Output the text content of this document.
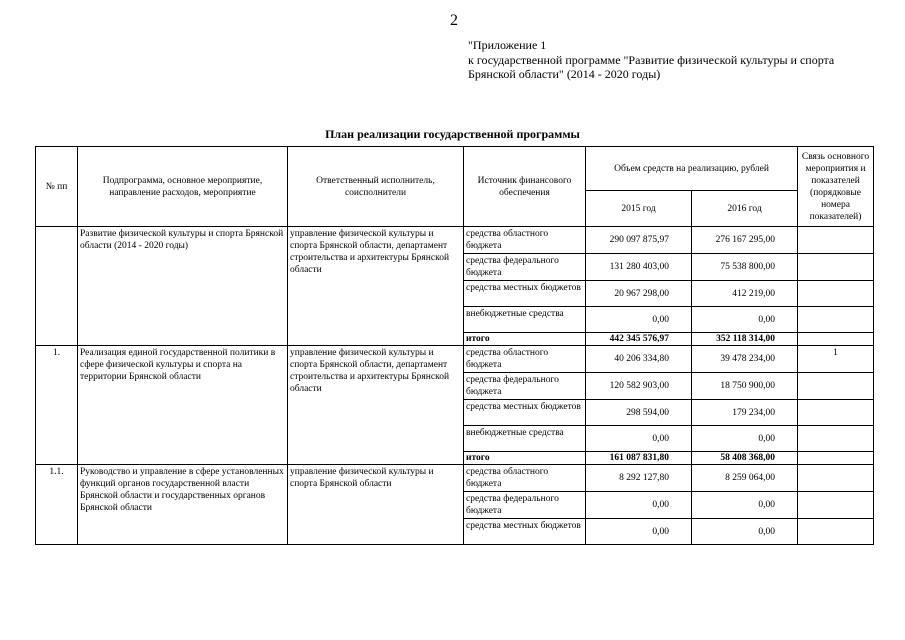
2
"Приложение 1
к государственной программе "Развитие физической культуры и спорта
Брянской области" (2014 - 2020 годы)
План реализации государственной программы
№ пп	Подпрограмма, основное мероприятие, направление расходов, мероприятие	Ответственный исполнитель, соисполнители	Источник финансового обеспечения	Объем средств на реализацию, рублей		Связь основного мероприятия и показателей (порядковые номера показателей)
				2015 год	2016 год	
	Развитие физической культуры и спорта Брянской области (2014 - 2020 годы)	управление физической культуры и спорта Брянской области, департамент строительства и архитектуры Брянской области	средства областного бюджета	290 097 875,97	276 167 295,00	
			средства федерального бюджета	131 280 403,00	75 538 800,00	
			средства местных бюджетов	20 967 298,00	412 219,00	
			внебюджетные средства	0,00	0,00	
			итого	442 345 576,97	352 118 314,00	
1.	Реализация единой государственной политики в сфере физической культуры и спорта на территории Брянской области	управление физической культуры и спорта Брянской области, департамент строительства и архитектуры Брянской области	средства областного бюджета	40 206 334,80	39 478 234,00	1
			средства федерального бюджета	120 582 903,00	18 750 900,00	
			средства местных бюджетов	298 594,00	179 234,00	
			внебюджетные средства	0,00	0,00	
			итого	161 087 831,80	58 408 368,00	
1.1.	Руководство и управление в сфере установленных функций органов государственной власти Брянской области и государственных органов Брянской области	управление физической культуры и спорта Брянской области	средства областного бюджета	8 292 127,80	8 259 064,00	
			средства федерального бюджета	0,00	0,00	
			средства местных бюджетов	0,00	0,00	
